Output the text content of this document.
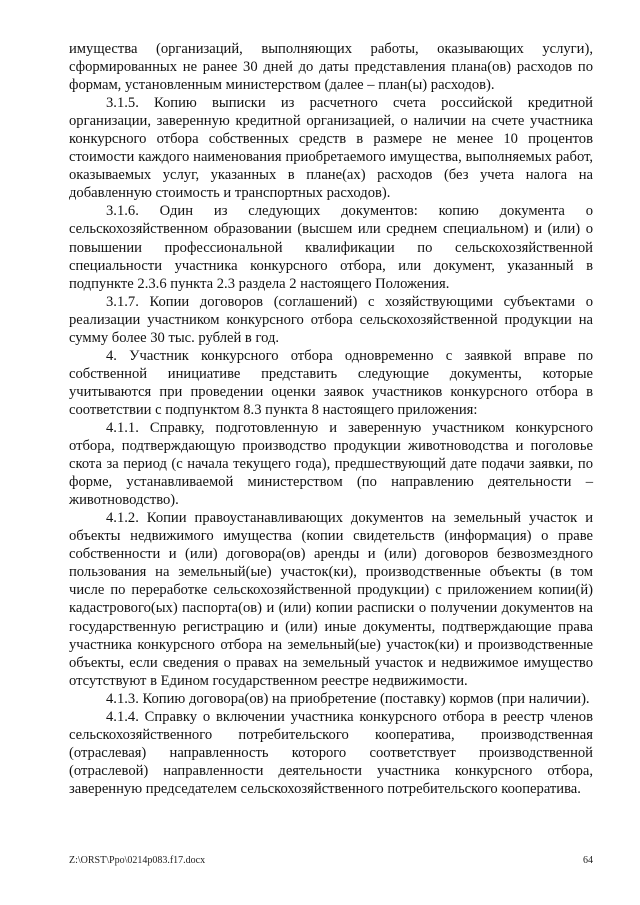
имущества (организаций, выполняющих работы, оказывающих услуги), сформированных не ранее 30 дней до даты представления плана(ов) расходов по формам, установленным министерством (далее – план(ы) расходов).

3.1.5. Копию выписки из расчетного счета российской кредитной организации, заверенную кредитной организацией, о наличии на счете участника конкурсного отбора собственных средств в размере не менее 10 процентов стоимости каждого наименования приобретаемого имущества, выполняемых работ, оказываемых услуг, указанных в плане(ах) расходов (без учета налога на добавленную стоимость и транспортных расходов).

3.1.6. Один из следующих документов: копию документа о сельскохозяйственном образовании (высшем или среднем специальном) и (или) о повышении профессиональной квалификации по сельскохозяйственной специальности участника конкурсного отбора, или документ, указанный в подпункте 2.3.6 пункта 2.3 раздела 2 настоящего Положения.

3.1.7. Копии договоров (соглашений) с хозяйствующими субъектами о реализации участником конкурсного отбора сельскохозяйственной продукции на сумму более 30 тыс. рублей в год.

4. Участник конкурсного отбора одновременно с заявкой вправе по собственной инициативе представить следующие документы, которые учитываются при проведении оценки заявок участников конкурсного отбора в соответствии с подпунктом 8.3 пункта 8 настоящего приложения:

4.1.1. Справку, подготовленную и заверенную участником конкурсного отбора, подтверждающую производство продукции животноводства и поголовье скота за период (с начала текущего года), предшествующий дате подачи заявки, по форме, устанавливаемой министерством (по направлению деятельности – животноводство).

4.1.2. Копии правоустанавливающих документов на земельный участок и объекты недвижимого имущества (копии свидетельств (информация) о праве собственности и (или) договора(ов) аренды и (или) договоров безвозмездного пользования на земельный(ые) участок(ки), производственные объекты (в том числе по переработке сельскохозяйственной продукции) с приложением копии(й) кадастрового(ых) паспорта(ов) и (или) копии расписки о получении документов на государственную регистрацию и (или) иные документы, подтверждающие права участника конкурсного отбора на земельный(ые) участок(ки) и производственные объекты, если сведения о правах на земельный участок и недвижимое имущество отсутствуют в Едином государственном реестре недвижимости.

4.1.3. Копию договора(ов) на приобретение (поставку) кормов (при наличии).

4.1.4. Справку о включении участника конкурсного отбора в реестр членов сельскохозяйственного потребительского кооператива, производственная (отраслевая) направленность которого соответствует производственной (отраслевой) направленности деятельности участника конкурсного отбора, заверенную председателем сельскохозяйственного потребительского кооператива.

Z:\ORST\Ppo\0214p083.f17.docx	64
